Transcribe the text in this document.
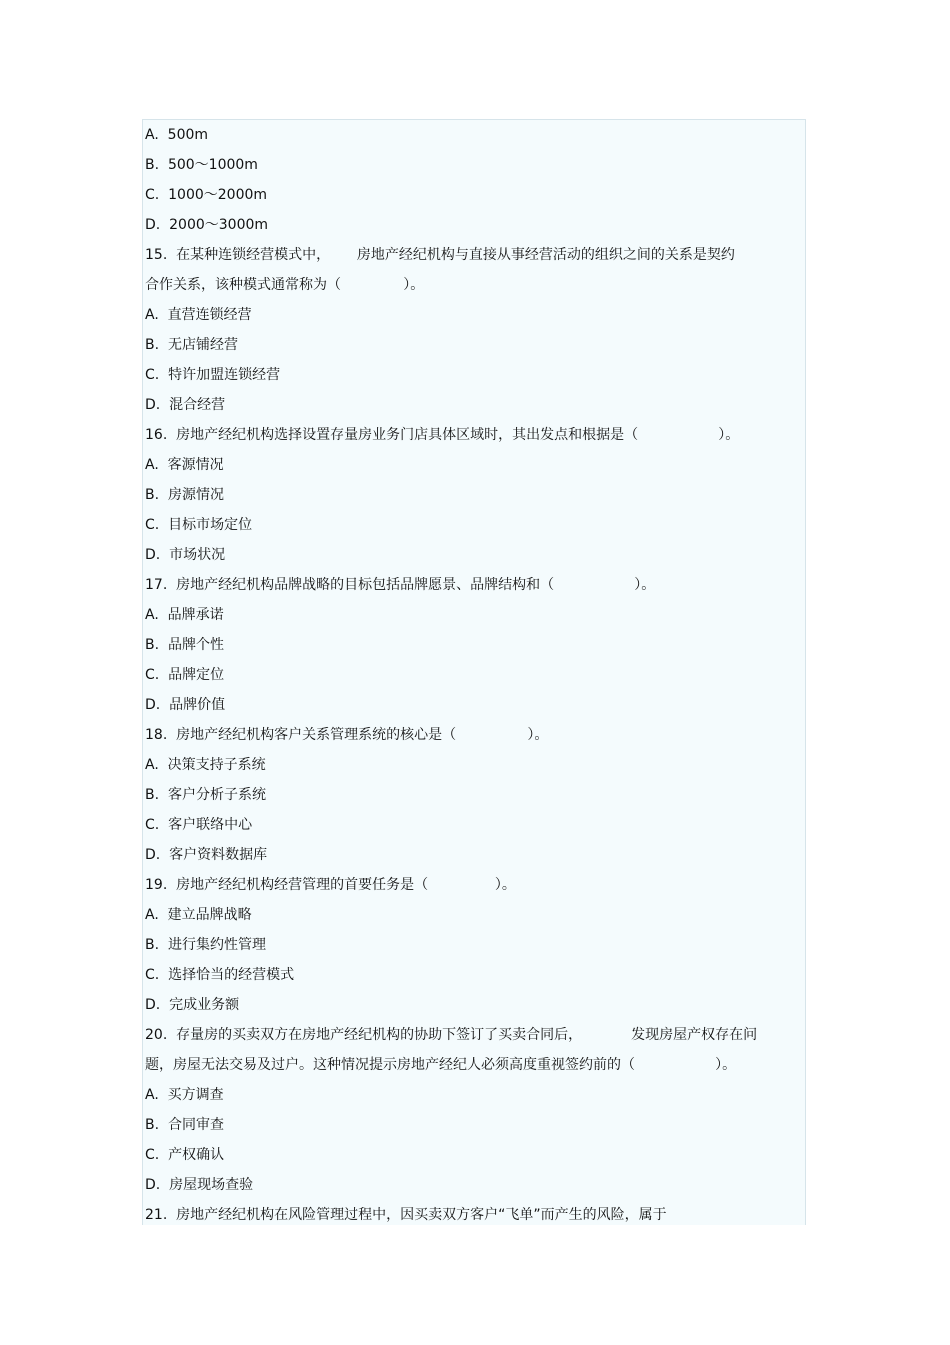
A.  500m
B.  500～1000m
C.  1000～2000m
D.  2000～3000m
15.  在某种连锁经营模式中，      房地产经纪机构与直接从事经营活动的组织之间的关系是契约
合作关系，该种模式通常称为（              ）。
A.  直营连锁经营
B.  无店铺经营
C.  特许加盟连锁经营
D.  混合经营
16.  房地产经纪机构选择设置存量房业务门店具体区域时，其出发点和根据是（                  ）。
A.  客源情况
B.  房源情况
C.  目标市场定位
D.  市场状况
17.  房地产经纪机构品牌战略的目标包括品牌愿景、品牌结构和（                  ）。
A.  品牌承诺
B.  品牌个性
C.  品牌定位
D.  品牌价值
18.  房地产经纪机构客户关系管理系统的核心是（                ）。
A.  决策支持子系统
B.  客户分析子系统
C.  客户联络中心
D.  客户资料数据库
19.  房地产经纪机构经营管理的首要任务是（               ）。
A.  建立品牌战略
B.  进行集约性管理
C.  选择恰当的经营模式
D.  完成业务额
20.  存量房的买卖双方在房地产经纪机构的协助下签订了买卖合同后，           发现房屋产权存在问
题，房屋无法交易及过户。这种情况提示房地产经纪人必须高度重视签约前的（                  ）。
A.  买方调查
B.  合同审查
C.  产权确认
D.  房屋现场查验
21.  房地产经纪机构在风险管理过程中，因买卖双方客户“飞单”而产生的风险，属于
